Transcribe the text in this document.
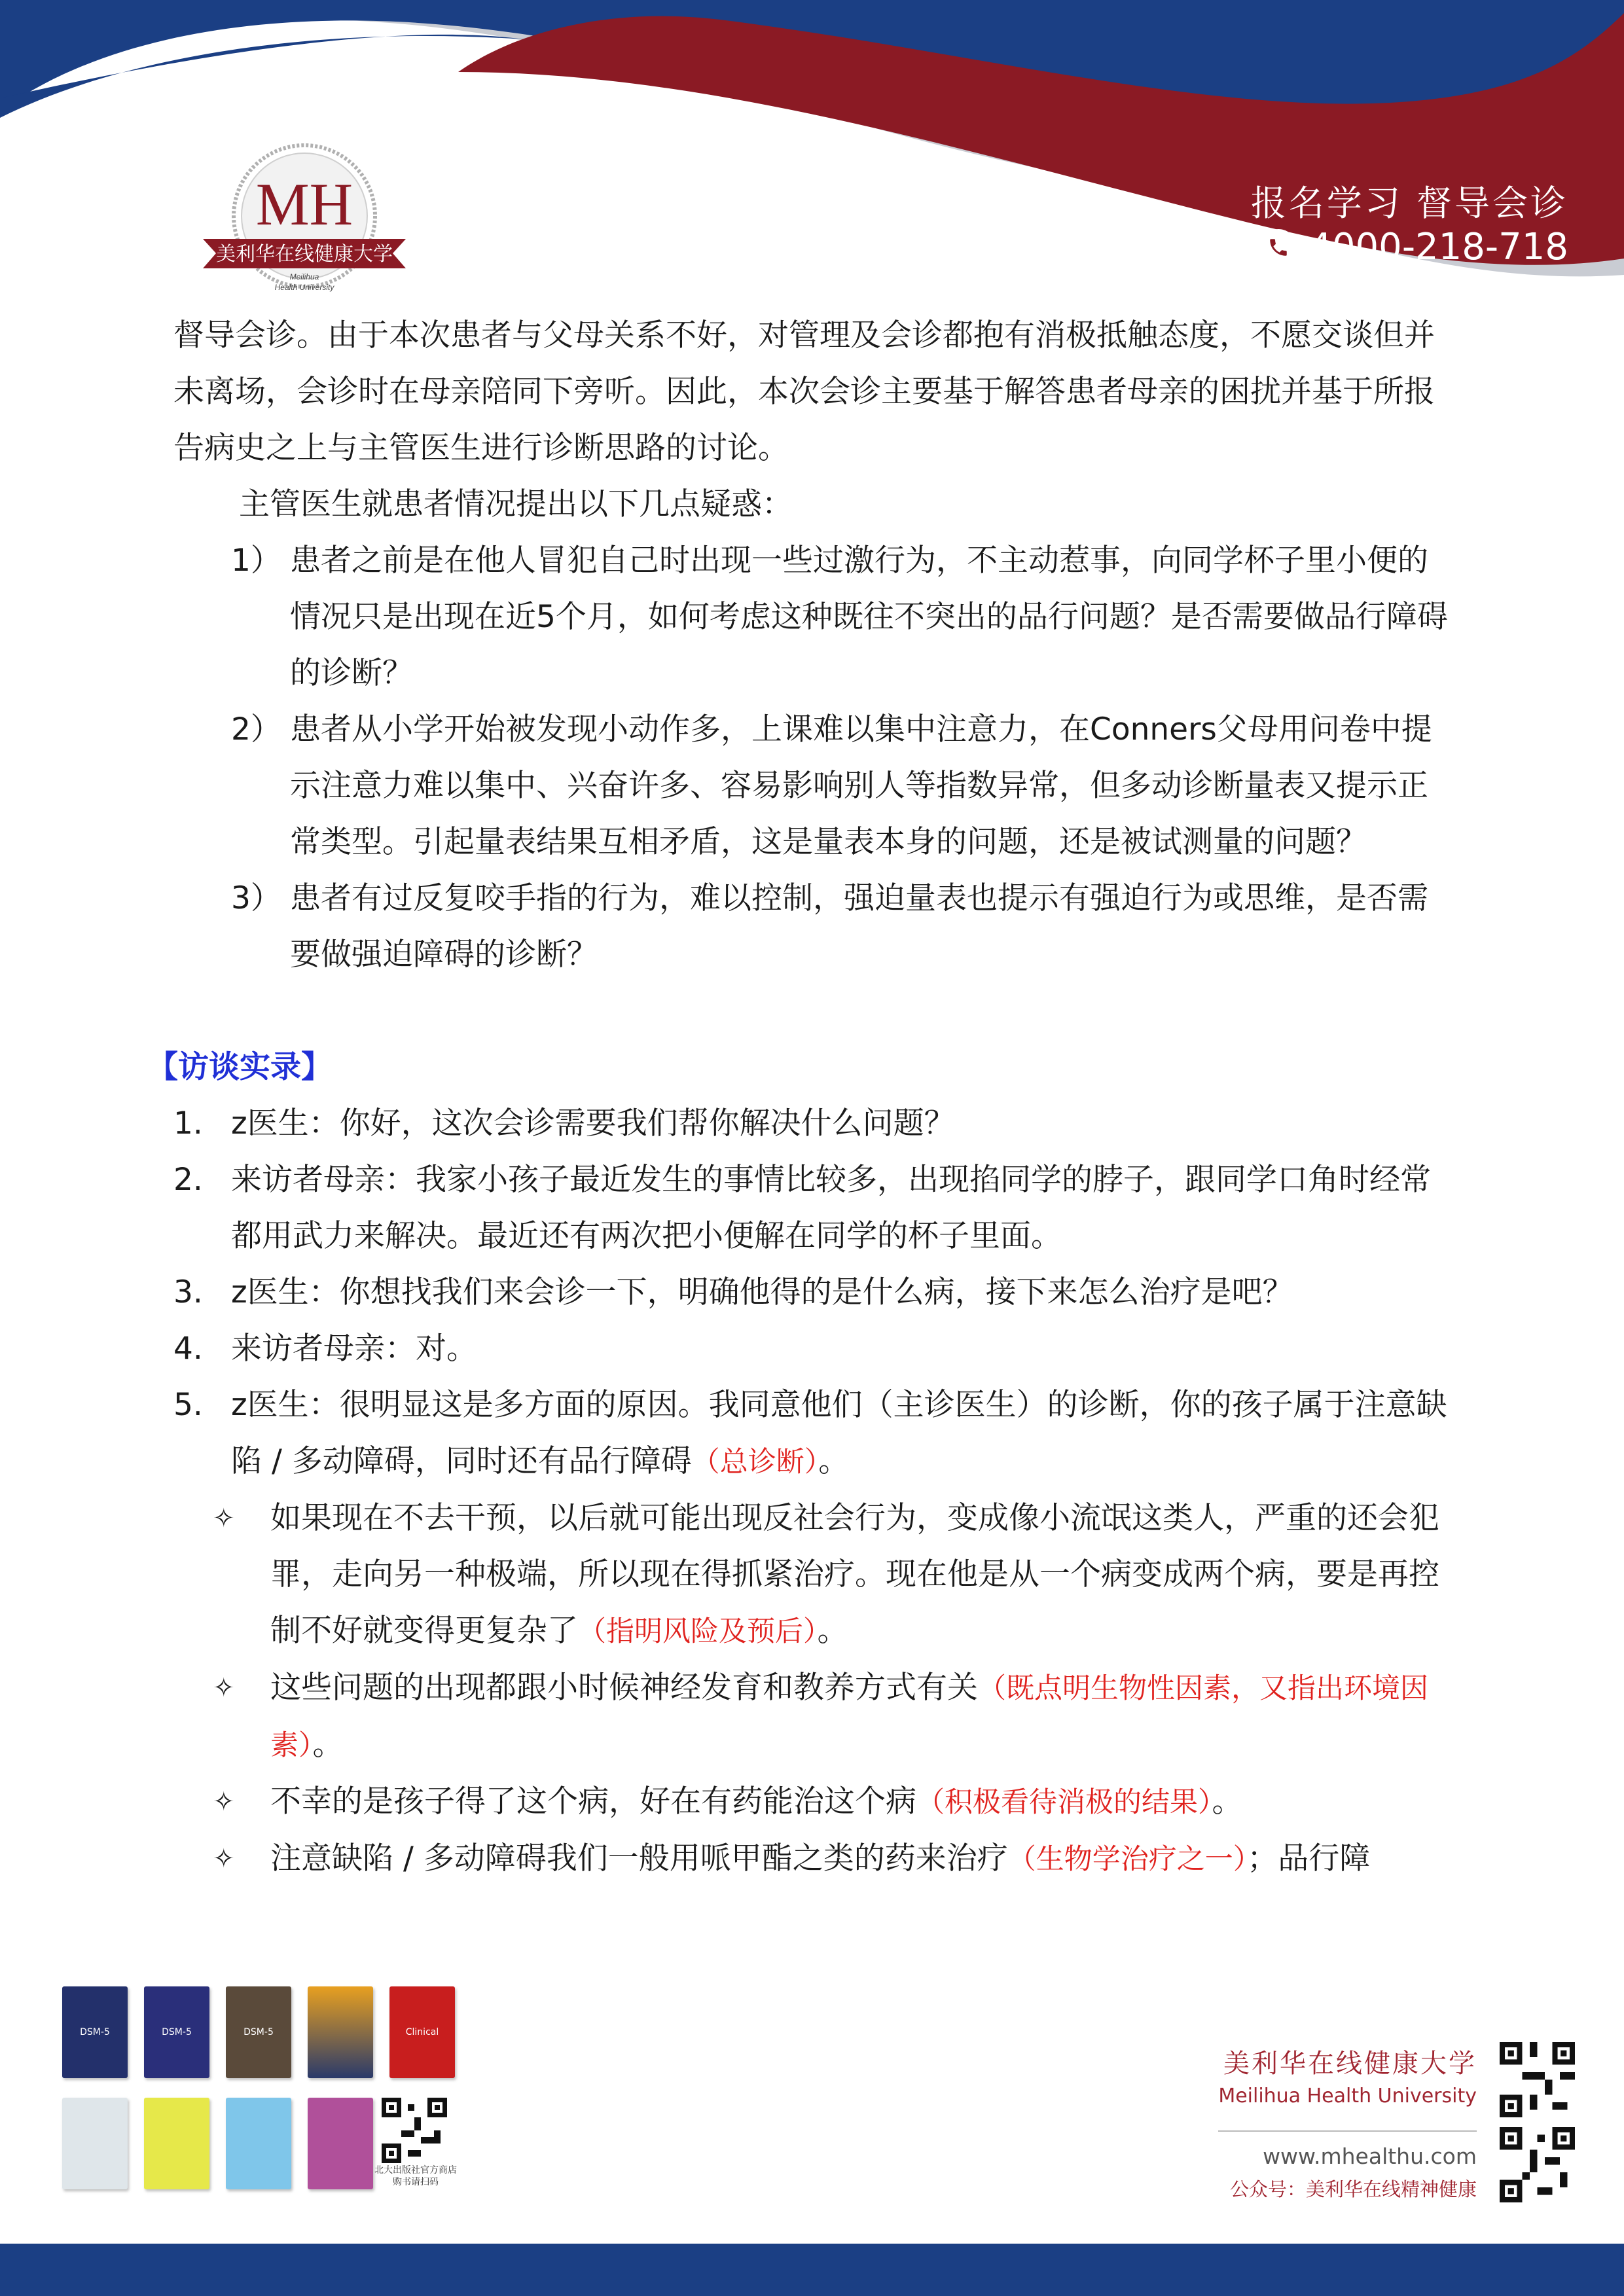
MH
美利华在线健康大学
Meilihua
Health University
报名学习 督导会诊
4000-218-718

督导会诊。由于本次患者与父母关系不好，对管理及会诊都抱有消极抵触态度，不愿交谈但并未离场，会诊时在母亲陪同下旁听。因此，本次会诊主要基于解答患者母亲的困扰并基于所报告病史之上与主管医生进行诊断思路的讨论。

主管医生就患者情况提出以下几点疑惑：

1） 患者之前是在他人冒犯自己时出现一些过激行为，不主动惹事，向同学杯子里小便的情况只是出现在近5个月，如何考虑这种既往不突出的品行问题？是否需要做品行障碍的诊断？
2） 患者从小学开始被发现小动作多，上课难以集中注意力，在Conners父母用问卷中提示注意力难以集中、兴奋许多、容易影响别人等指数异常，但多动诊断量表又提示正常类型。引起量表结果互相矛盾，这是量表本身的问题，还是被试测量的问题？
3） 患者有过反复咬手指的行为，难以控制，强迫量表也提示有强迫行为或思维，是否需要做强迫障碍的诊断？
【访谈实录】
1. z医生：你好，这次会诊需要我们帮你解决什么问题？
2. 来访者母亲：我家小孩子最近发生的事情比较多，出现掐同学的脖子，跟同学口角时经常都用武力来解决。最近还有两次把小便解在同学的杯子里面。
3. z医生：你想找我们来会诊一下，明确他得的是什么病，接下来怎么治疗是吧？
4. 来访者母亲：对。
5. z医生：很明显这是多方面的原因。我同意他们（主诊医生）的诊断，你的孩子属于注意缺陷 / 多动障碍，同时还有品行障碍（总诊断）。
✧ 如果现在不去干预，以后就可能出现反社会行为，变成像小流氓这类人，严重的还会犯罪，走向另一种极端，所以现在得抓紧治疗。现在他是从一个病变成两个病，要是再控制不好就变得更复杂了（指明风险及预后）。
✧ 这些问题的出现都跟小时候神经发育和教养方式有关（既点明生物性因素，又指出环境因素）。
✧ 不幸的是孩子得了这个病，好在有药能治这个病（积极看待消极的结果）。
✧ 注意缺陷 / 多动障碍我们一般用哌甲酯之类的药来治疗（生物学治疗之一）；品行障
DSM-5	DSM-5	DSM-5	Clinical
北大出版社官方商店
购书请扫码
美利华在线健康大学
Meilihua Health University
www.mhealthu.com
公众号：美利华在线精神健康
